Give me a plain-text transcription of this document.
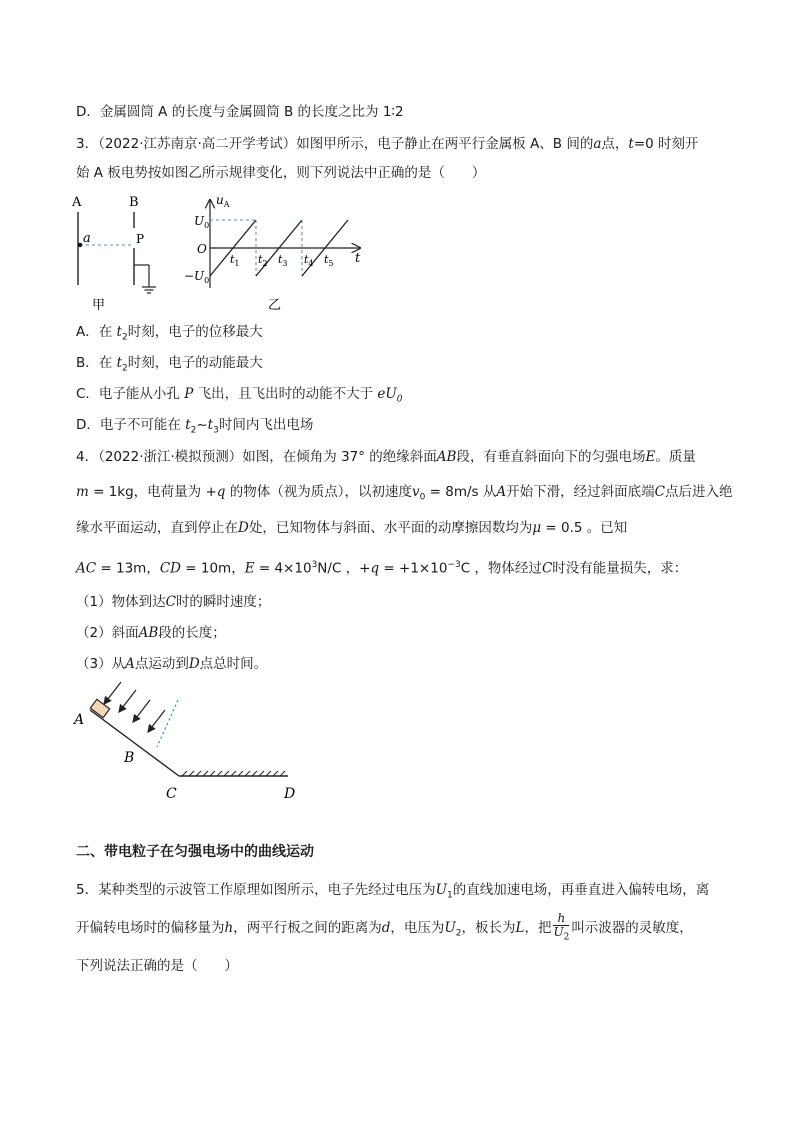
D．金属圆筒 A 的长度与金属圆筒 B 的长度之比为 1∶2
3．（2022·江苏南京·高二开学考试）如图甲所示，电子静止在两平行金属板 A、B 间的a点，t=0 时刻开
始 A 板电势按如图乙所示规律变化，则下列说法中正确的是（　　）
A	B
a	P
甲
$u_A$
$U_0$
O
$-U_0$
t
$t_1$ $t_2$ $t_3$ $t_4$ $t_5$
乙
A．在 $t_2$时刻，电子的位移最大
B．在 $t_2$时刻，电子的动能最大
C．电子能从小孔 P 飞出，且飞出时的动能不大于 $eU_0$
D．电子不可能在 $t_2\sim t_3$时间内飞出电场
4．（2022·浙江·模拟预测）如图，在倾角为 37° 的绝缘斜面AB段，有垂直斜面向下的匀强电场E。质量
m = 1kg，电荷量为 +q 的物体（视为质点），以初速度$v_0 = 8m/s$ 从A开始下滑，经过斜面底端C点后进入绝
缘水平面运动，直到停止在D处，已知物体与斜面、水平面的动摩擦因数均为μ = 0.5 。已知
AC = 13m，CD = 10m，$E = 4\times 10^3N/C$ ，$+q = +1\times 10^{-3}C$ ，物体经过C时没有能量损失，求：
（1）物体到达C时的瞬时速度；
（2）斜面AB段的长度；
（3）从A点运动到D点总时间。
A
B
C	D
二、带电粒子在匀强电场中的曲线运动
5．某种类型的示波管工作原理如图所示，电子先经过电压为$U_1$的直线加速电场，再垂直进入偏转电场，离
开偏转电场时的偏移量为h，两平行板之间的距离为d，电压为$U_2$，板长为L，把 $\frac{h}{U_2}$ 叫示波器的灵敏度，
下列说法正确的是（　　）
